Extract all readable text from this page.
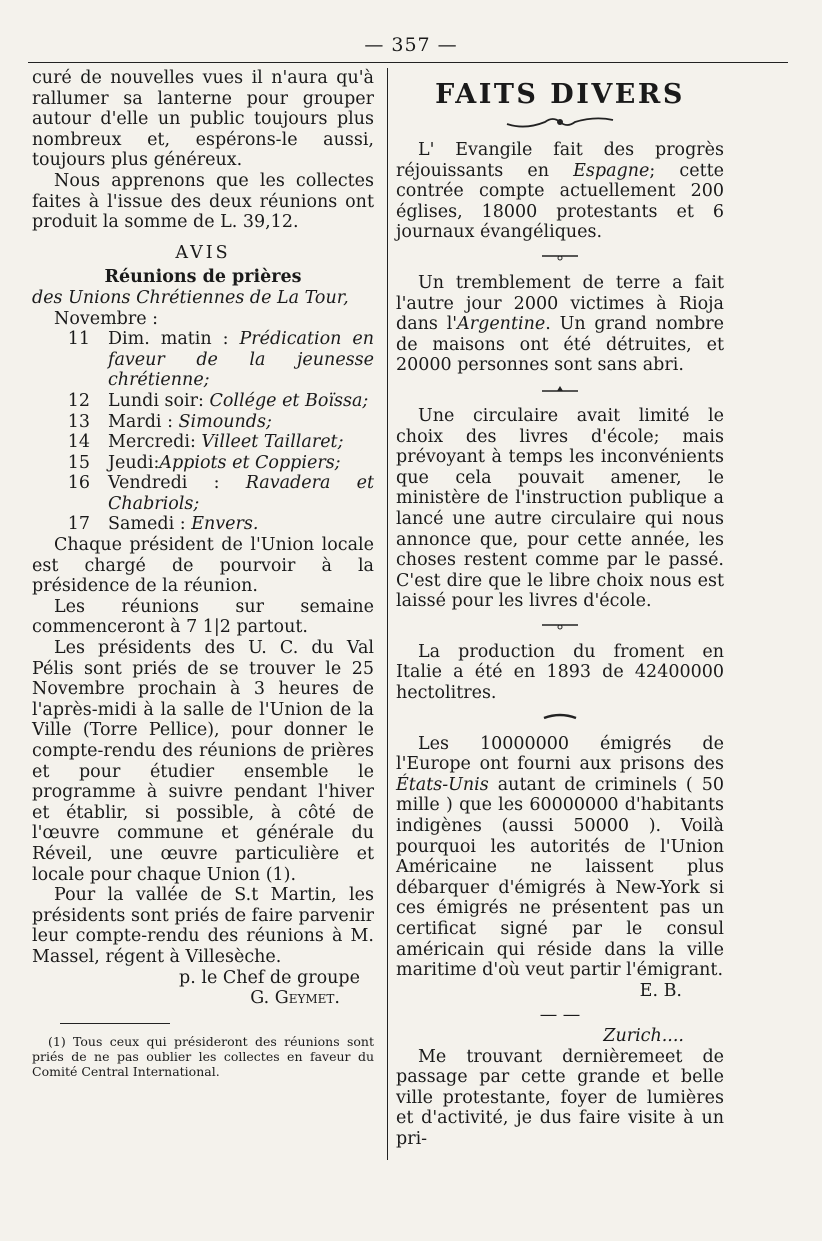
— 357 —

curé de nouvelles vues il n'aura qu'à rallumer sa lanterne pour grouper autour d'elle un public toujours plus nombreux et, espérons-le aussi, toujours plus généreux.

Nous apprenons que les collectes faites à l'issue des deux réunions ont produit la somme de L. 39,12.

AVIS
Réunions de prières

des Unions Chrétiennes de La Tour,

Novembre :

11	Dim. matin : Prédication en faveur de la jeunesse chrétienne;
12	Lundi soir: Collége et Boïssa;
13	Mardi : Simounds;
14	Mercredi: Villeet Taillaret;
15	Jeudi:Appiots et Coppiers;
16	Vendredi : Ravadera et Chabriols;
17	Samedi : Envers.

Chaque président de l'Union locale est chargé de pourvoir à la présidence de la réunion.

Les réunions sur semaine commenceront à 7 1|2 partout.

Les présidents des U. C. du Val Pélis sont priés de se trouver le 25 Novembre prochain à 3 heures de l'après-midi à la salle de l'Union de la Ville (Torre Pellice), pour donner le compte-rendu des réunions de prières et pour étudier ensemble le programme à suivre pendant l'hiver et établir, si possible, à côté de l'œuvre commune et générale du Réveil, une œuvre particulière et locale pour chaque Union (1).

Pour la vallée de S.t Martin, les présidents sont priés de faire parvenir leur compte-rendu des réunions à M. Massel, régent à Villesèche.

p. le Chef de groupe

G. Geymet.

(1) Tous ceux qui présideront des réunions sont priés de ne pas oublier les collectes en faveur du Comité Central International.

FAITS DIVERS

L' Evangile fait des progrès réjouissants en Espagne; cette contrée compte actuellement 200 églises, 18000 protestants et 6 journaux évangéliques.

Un tremblement de terre a fait l'autre jour 2000 victimes à Rioja dans l'Argentine. Un grand nombre de maisons ont été détruites, et 20000 personnes sont sans abri.

Une circulaire avait limité le choix des livres d'école; mais prévoyant à temps les inconvénients que cela pouvait amener, le ministère de l'instruction publique a lancé une autre circulaire qui nous annonce que, pour cette année, les choses restent comme par le passé. C'est dire que le libre choix nous est laissé pour les livres d'école.

La production du froment en Italie a été en 1893 de 42400000 hectolitres.

Les 10000000 émigrés de l'Europe ont fourni aux prisons des États-Unis autant de criminels ( 50 mille ) que les 60000000 d'habitants indigènes (aussi 50000 ). Voilà pourquoi les autorités de l'Union Américaine ne laissent plus débarquer d'émigrés à New-York si ces émigrés ne présentent pas un certificat signé par le consul américain qui réside dans la ville maritime d'où veut partir l'émigrant.

E. B.

— —

Zurich....

Me trouvant dernièremeet de passage par cette grande et belle ville protestante, foyer de lumières et d'activité, je dus faire visite à un pri-
